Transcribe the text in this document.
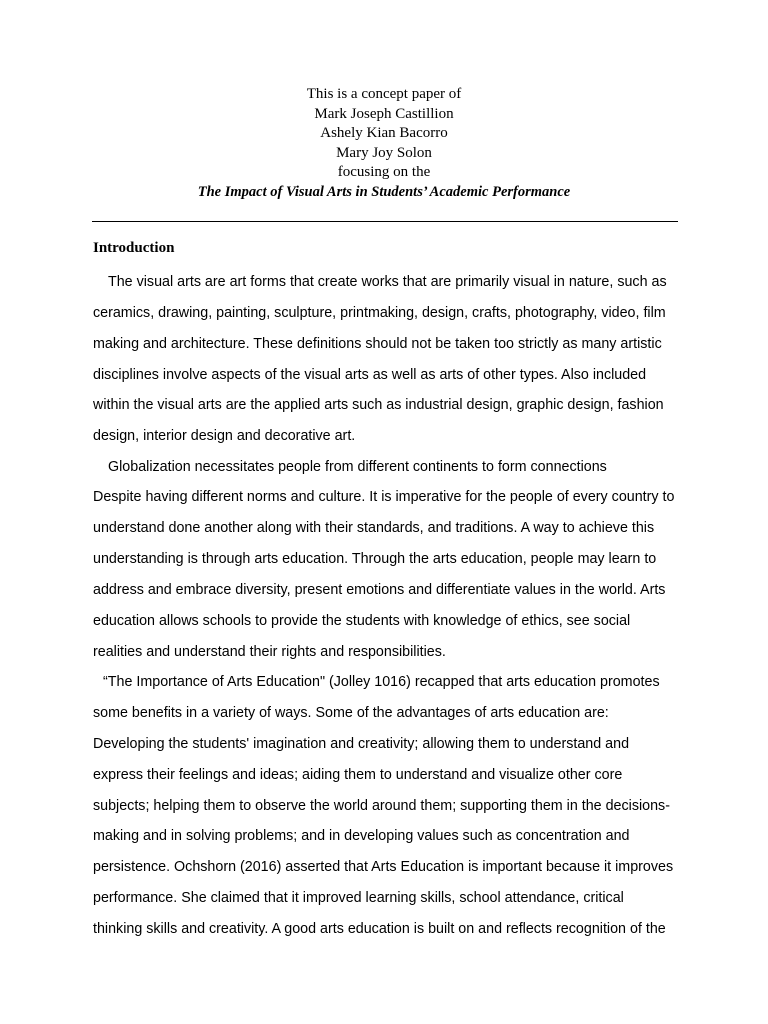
This is a concept paper of
Mark Joseph Castillion
Ashely Kian Bacorro
Mary Joy Solon
focusing on the
The Impact of Visual Arts in Students’ Academic Performance
Introduction
The visual arts are art forms that create works that are primarily visual in nature, such as
ceramics, drawing, painting, sculpture, printmaking, design, crafts, photography, video, film
making and architecture. These definitions should not be taken too strictly as many artistic
disciplines involve aspects of the visual arts as well as arts of other types. Also included
within the visual arts are the applied arts such as industrial design, graphic design, fashion
design, interior design and decorative art.
Globalization necessitates people from different continents to form connections
Despite having different norms and culture. It is imperative for the people of every country to
understand done another along with their standards, and traditions. A way to achieve this
understanding is through arts education. Through the arts education, people may learn to
address and embrace diversity, present emotions and differentiate values in the world. Arts
education allows schools to provide the students with knowledge of ethics, see social
realities and understand their rights and responsibilities.
“The Importance of Arts Education" (Jolley 1016) recapped that arts education promotes
some benefits in a variety of ways. Some of the advantages of arts education are:
Developing the students' imagination and creativity; allowing them to understand and
express their feelings and ideas; aiding them to understand and visualize other core
subjects; helping them to observe the world around them; supporting them in the decisions-
making and in solving problems; and in developing values such as concentration and
persistence. Ochshorn (2016) asserted that Arts Education is important because it improves
performance. She claimed that it improved learning skills, school attendance, critical
thinking skills and creativity. A good arts education is built on and reflects recognition of the
